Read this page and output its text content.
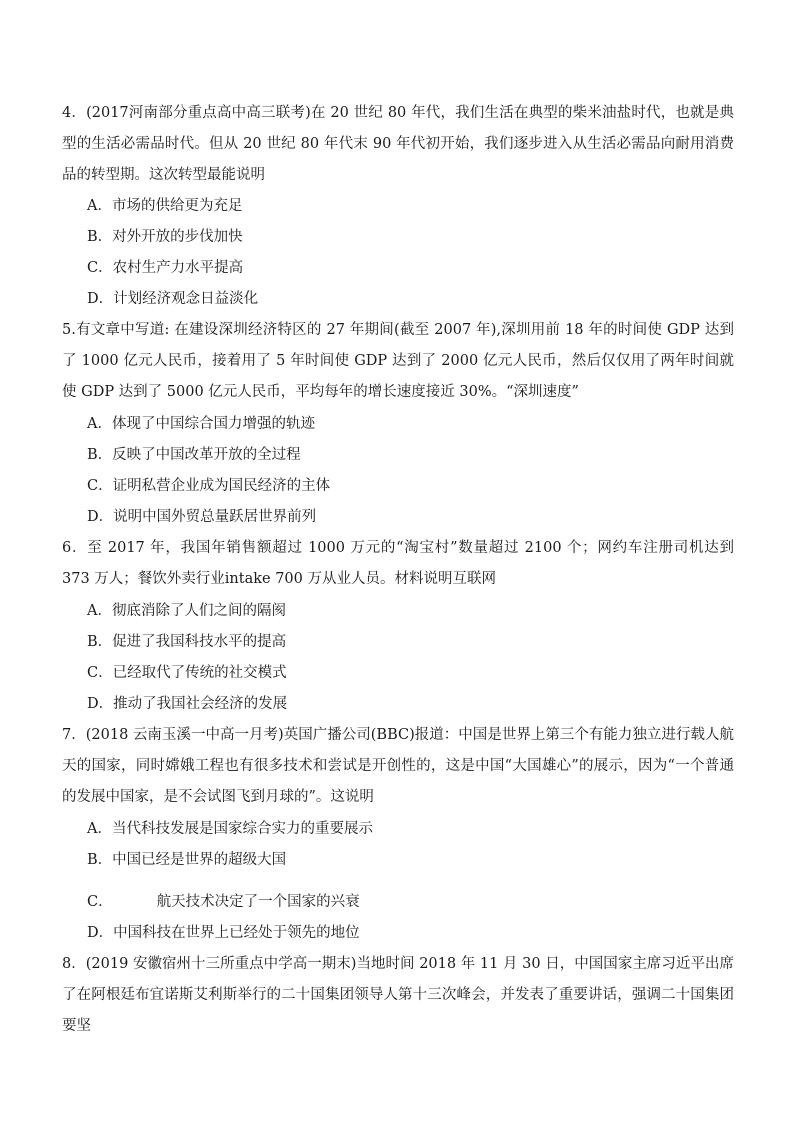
4．(2017河南部分重点高中高三联考)在 20 世纪 80 年代，我们生活在典型的柴米油盐时代，也就是典型的生活必需品时代。但从 20 世纪 80 年代末 90 年代初开始，我们逐步进入从生活必需品向耐用消费品的转型期。这次转型最能说明

A．市场的供给更为充足

B．对外开放的步伐加快

C．农村生产力水平提高

D．计划经济观念日益淡化

5.有文章中写道: 在建设深圳经济特区的 27 年期间(截至 2007 年),深圳用前 18 年的时间使 GDP 达到了 1000 亿元人民币，接着用了 5 年时间使 GDP 达到了 2000 亿元人民币，然后仅仅用了两年时间就使 GDP 达到了 5000 亿元人民币，平均每年的增长速度接近 30%。“深圳速度”

A．体现了中国综合国力增强的轨迹

B．反映了中国改革开放的全过程

C．证明私营企业成为国民经济的主体

D．说明中国外贸总量跃居世界前列

6．至 2017 年，我国年销售额超过 1000 万元的“淘宝村”数量超过 2100 个；网约车注册司机达到 373 万人；餐饮外卖行业intake 700 万从业人员。材料说明互联网

A．彻底消除了人们之间的隔阂

B．促进了我国科技水平的提高

C．已经取代了传统的社交模式

D．推动了我国社会经济的发展

7．(2018 云南玉溪一中高一月考)英国广播公司(BBC)报道：中国是世界上第三个有能力独立进行载人航天的国家，同时嫦娥工程也有很多技术和尝试是开创性的，这是中国“大国雄心”的展示，因为“一个普通的发展中国家，是不会试图飞到月球的”。这说明

A．当代科技发展是国家综合实力的重要展示

B．中国已经是世界的超级大国

C．	航天技术决定了一个国家的兴衰

D．中国科技在世界上已经处于领先的地位

8．(2019 安徽宿州十三所重点中学高一期末)当地时间 2018 年 11 月 30 日，中国国家主席习近平出席了在阿根廷布宜诺斯艾利斯举行的二十国集团领导人第十三次峰会，并发表了重要讲话，强调二十国集团要坚
